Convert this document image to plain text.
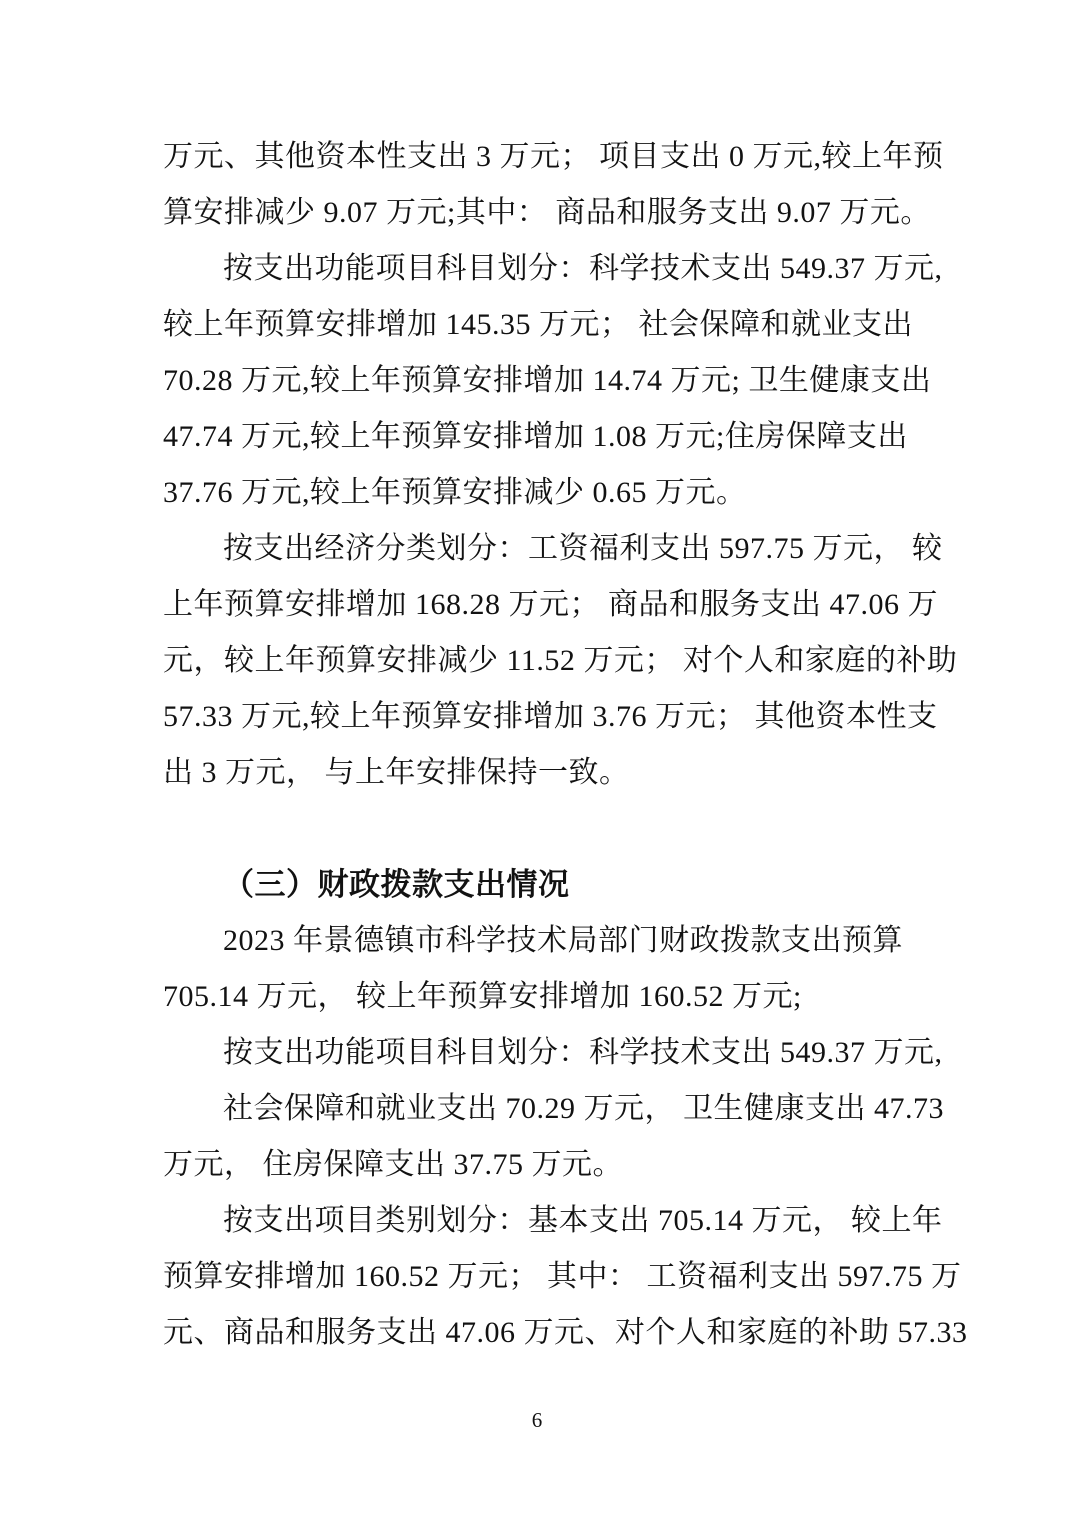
万元、其他资本性支出 3 万元； 项目支出 0 万元,较上年预
算安排减少 9.07 万元;其中： 商品和服务支出 9.07 万元。
按支出功能项目科目划分：科学技术支出 549.37 万元,
较上年预算安排增加 145.35 万元； 社会保障和就业支出
70.28 万元,较上年预算安排增加 14.74 万元; 卫生健康支出
47.74 万元,较上年预算安排增加 1.08 万元;住房保障支出
37.76 万元,较上年预算安排减少 0.65 万元。
按支出经济分类划分：工资福利支出 597.75 万元， 较
上年预算安排增加 168.28 万元； 商品和服务支出 47.06 万
元，较上年预算安排减少 11.52 万元； 对个人和家庭的补助
57.33 万元,较上年预算安排增加 3.76 万元； 其他资本性支
出 3 万元， 与上年安排保持一致。
（三）财政拨款支出情况
2023 年景德镇市科学技术局部门财政拨款支出预算
705.14 万元， 较上年预算安排增加 160.52 万元;
按支出功能项目科目划分：科学技术支出 549.37 万元,
社会保障和就业支出 70.29 万元， 卫生健康支出 47.73
万元， 住房保障支出 37.75 万元。
按支出项目类别划分：基本支出 705.14 万元， 较上年
预算安排增加 160.52 万元； 其中： 工资福利支出 597.75 万
元、商品和服务支出 47.06 万元、对个人和家庭的补助 57.33
6
